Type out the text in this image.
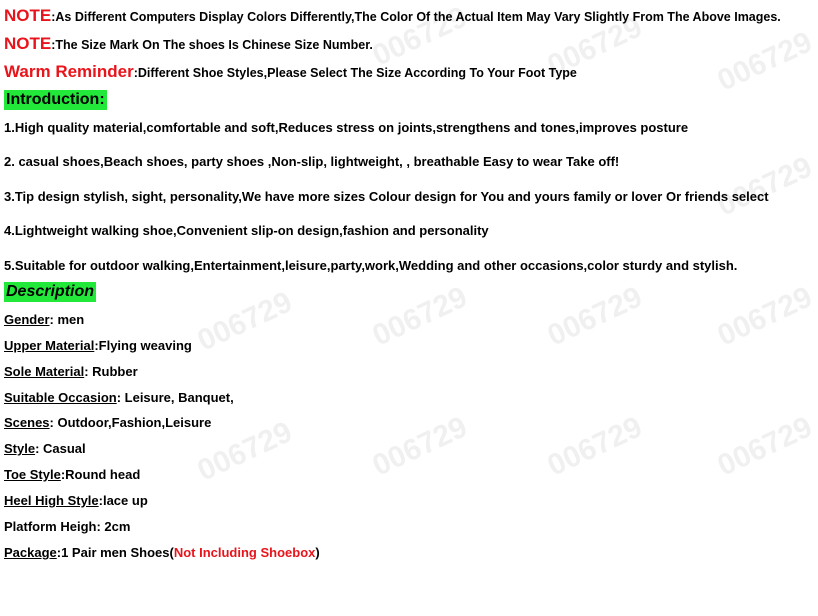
006729 006729 006729
006729
006729 006729 006729 006729
006729 006729 006729 006729
NOTE:As Different Computers Display Colors Differently,The Color Of the Actual Item May Vary Slightly From The Above Images.
NOTE:The Size Mark On The shoes Is Chinese Size Number.
Warm Reminder:Different Shoe Styles,Please Select The Size According To Your Foot Type
Introduction:
1.High quality material,comfortable and soft,Reduces stress on joints,strengthens and tones,improves posture
2. casual shoes,Beach shoes, party shoes ,Non-slip, lightweight, , breathable Easy to wear Take off!
3.Tip design stylish, sight, personality,We have more sizes Colour design for You and yours family or lover Or friends select
4.Lightweight walking shoe,Convenient slip-on design,fashion and personality
5.Suitable for outdoor walking,Entertainment,leisure,party,work,Wedding and other occasions,color sturdy and stylish.
Description
Gender: men
Upper Material:Flying weaving
Sole Material: Rubber
Suitable Occasion: Leisure, Banquet,
Scenes: Outdoor,Fashion,Leisure
Style: Casual
Toe Style:Round head
Heel High Style:lace up
Platform Heigh: 2cm
Package:1 Pair men Shoes(Not Including Shoebox)
